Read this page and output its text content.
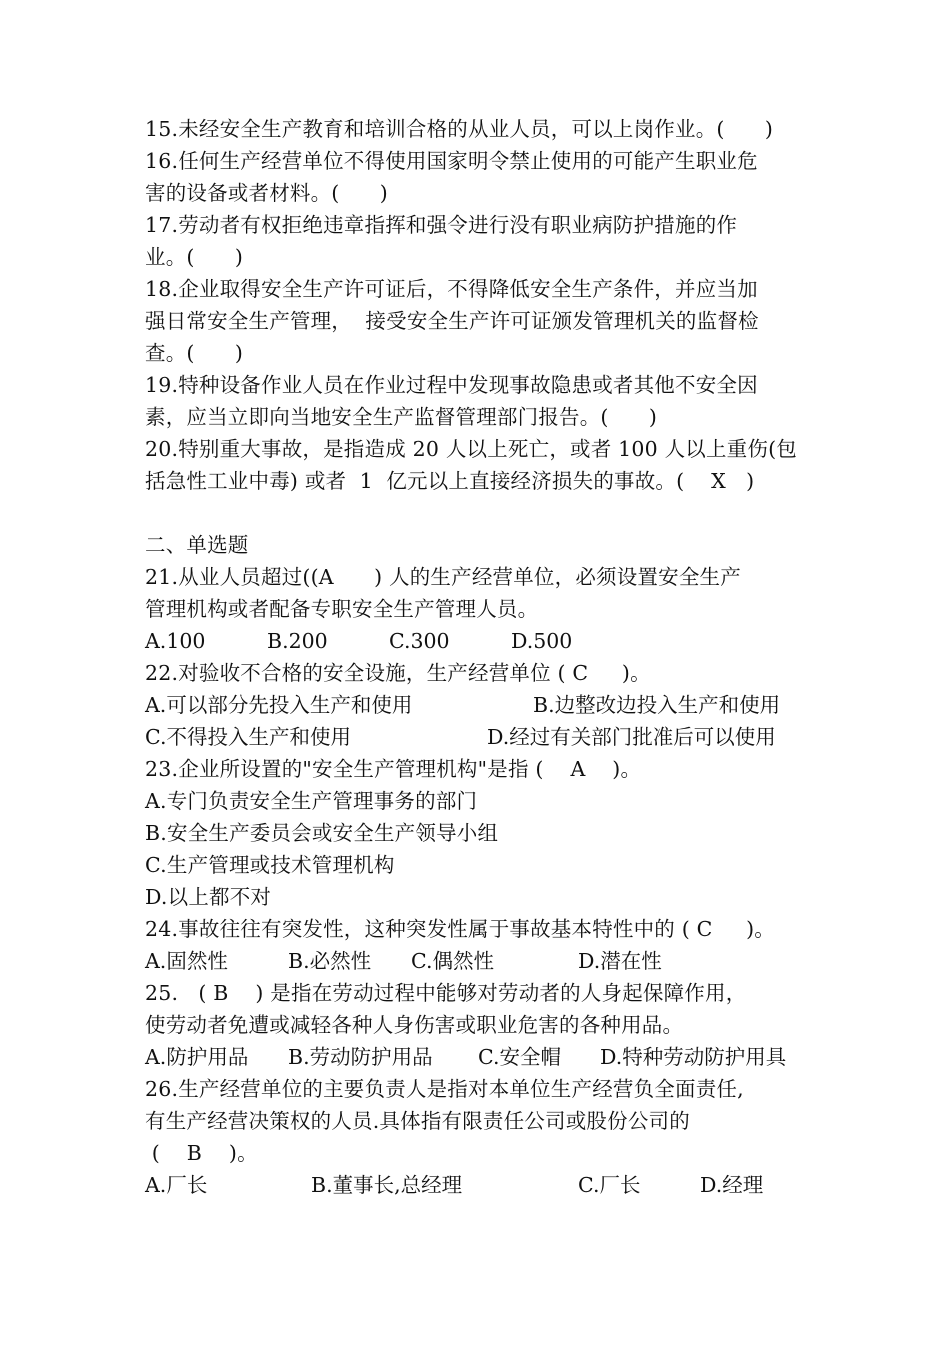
15.未经安全生产教育和培训合格的从业人员，可以上岗作业。(      )
16.任何生产经营单位不得使用国家明令禁止使用的可能产生职业危
害的设备或者材料。(      )
17.劳动者有权拒绝违章指挥和强令进行没有职业病防护措施的作
业。(      )
18.企业取得安全生产许可证后，不得降低安全生产条件，并应当加
强日常安全生产管理，  接受安全生产许可证颁发管理机关的监督检
查。(      )
19.特种设备作业人员在作业过程中发现事故隐患或者其他不安全因
素，应当立即向当地安全生产监督管理部门报告。(      )
20.特别重大事故，是指造成 20 人以上死亡，或者 100 人以上重伤(包
括急性工业中毒) 或者  1  亿元以上直接经济损失的事故。(    X   )
二、单选题
21.从业人员超过((A      ) 人的生产经营单位，必须设置安全生产
管理机构或者配备专职安全生产管理人员。

A.100

	B.200

	C.300

	D.500

22.对验收不合格的安全设施，生产经营单位 ( C     )。

A.可以部分先投入生产和使用

	B.边整改边投入生产和使用

C.不得投入生产和使用

	D.经过有关部门批准后可以使用

23.企业所设置的"安全生产管理机构"是指 (    A    )。
A.专门负责安全生产管理事务的部门
B.安全生产委员会或安全生产领导小组
C.生产管理或技术管理机构
D.以上都不对
24.事故往往有突发性，这种突发性属于事故基本特性中的 ( C     )。

A.固然性

	B.必然性

C.偶然性

	D.潜在性

25.   ( B    ) 是指在劳动过程中能够对劳动者的人身起保障作用，
使劳动者免遭或减轻各种人身伤害或职业危害的各种用品。

A.防护用品

B.劳动防护用品

C.安全帽

D.特种劳动防护用具

26.生产经营单位的主要负责人是指对本单位生产经营负全面责任,
有生产经营决策权的人员.具体指有限责任公司或股份公司的
(    B    )。

A.厂长

	B.董事长,总经理

	C.厂长

	D.经理
